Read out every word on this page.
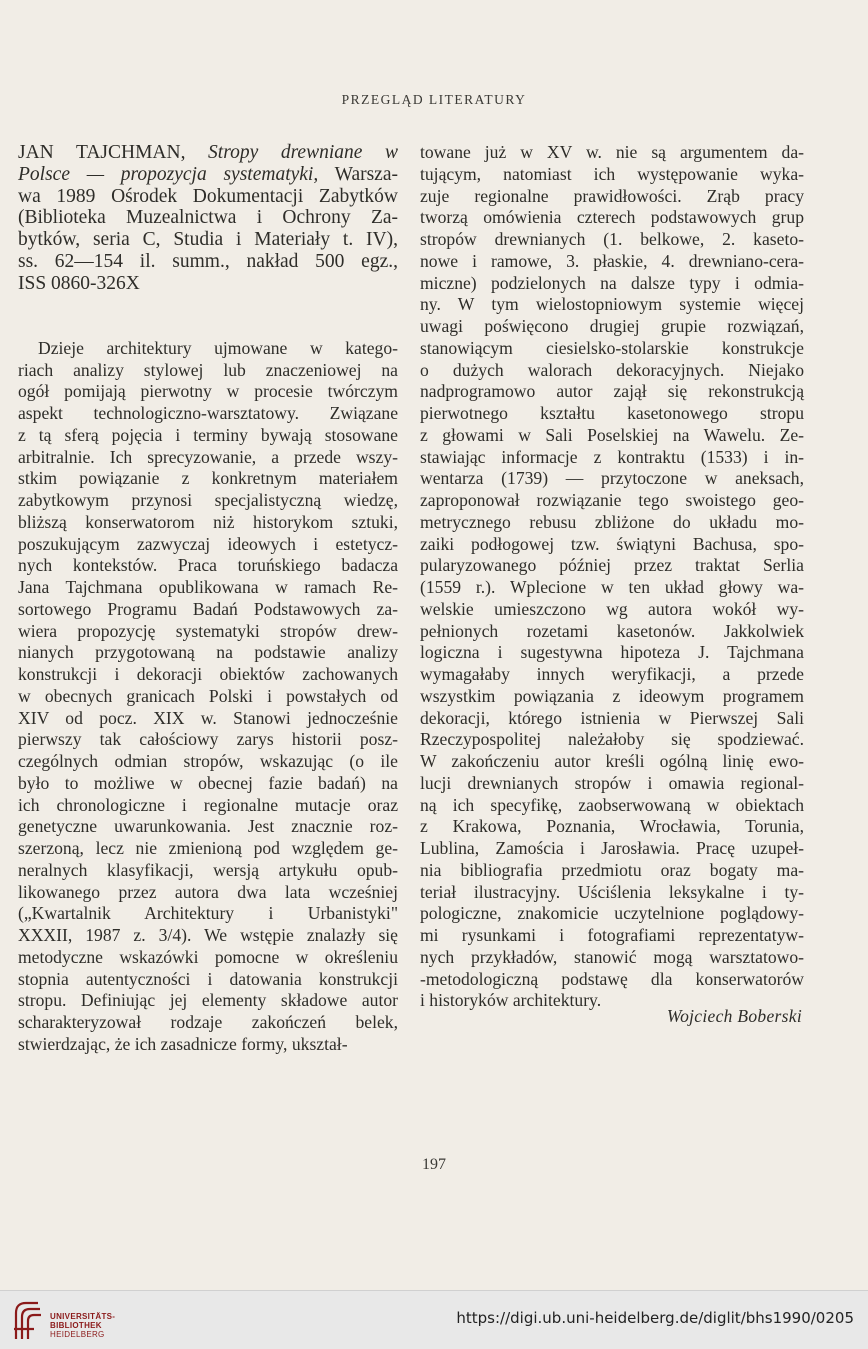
PRZEGLĄD LITERATURY
JAN TAJCHMAN, Stropy drewniane w
Polsce — propozycja systematyki, Warsza-
wa 1989 Ośrodek Dokumentacji Zabytków
(Biblioteka Muzealnictwa i Ochrony Za-
bytków, seria C, Studia i Materiały t. IV),
ss. 62—154 il. summ., nakład 500 egz.,
ISS 0860-326X
Dzieje architektury ujmowane w katego-
riach analizy stylowej lub znaczeniowej na
ogół pomijają pierwotny w procesie twórczym
aspekt technologiczno-warsztatowy. Związane
z tą sferą pojęcia i terminy bywają stosowane
arbitralnie. Ich sprecyzowanie, a przede wszy-
stkim powiązanie z konkretnym materiałem
zabytkowym przynosi specjalistyczną wiedzę,
bliższą konserwatorom niż historykom sztuki,
poszukującym zazwyczaj ideowych i estetycz-
nych kontekstów. Praca toruńskiego badacza
Jana Tajchmana opublikowana w ramach Re-
sortowego Programu Badań Podstawowych za-
wiera propozycję systematyki stropów drew-
nianych przygotowaną na podstawie analizy
konstrukcji i dekoracji obiektów zachowanych
w obecnych granicach Polski i powstałych od
XIV od pocz. XIX w. Stanowi jednocześnie
pierwszy tak całościowy zarys historii posz-
czególnych odmian stropów, wskazując (o ile
było to możliwe w obecnej fazie badań) na
ich chronologiczne i regionalne mutacje oraz
genetyczne uwarunkowania. Jest znacznie roz-
szerzoną, lecz nie zmienioną pod względem ge-
neralnych klasyfikacji, wersją artykułu opub-
likowanego przez autora dwa lata wcześniej
(„Kwartalnik Architektury i Urbanistyki"
XXXII, 1987 z. 3/4). We wstępie znalazły się
metodyczne wskazówki pomocne w określeniu
stopnia autentyczności i datowania konstrukcji
stropu. Definiując jej elementy składowe autor
scharakteryzował rodzaje zakończeń belek,
stwierdzając, że ich zasadnicze formy, ukształ-
towane już w XV w. nie są argumentem da-
tującym, natomiast ich występowanie wyka-
zuje regionalne prawidłowości. Zrąb pracy
tworzą omówienia czterech podstawowych grup
stropów drewnianych (1. belkowe, 2. kaseto-
nowe i ramowe, 3. płaskie, 4. drewniano-cera-
miczne) podzielonych na dalsze typy i odmia-
ny. W tym wielostopniowym systemie więcej
uwagi poświęcono drugiej grupie rozwiązań,
stanowiącym ciesielsko-stolarskie konstrukcje
o dużych walorach dekoracyjnych. Niejako
nadprogramowo autor zajął się rekonstrukcją
pierwotnego kształtu kasetonowego stropu
z głowami w Sali Poselskiej na Wawelu. Ze-
stawiając informacje z kontraktu (1533) i in-
wentarza (1739) — przytoczone w aneksach,
zaproponował rozwiązanie tego swoistego geo-
metrycznego rebusu zbliżone do układu mo-
zaiki podłogowej tzw. świątyni Bachusa, spo-
pularyzowanego później przez traktat Serlia
(1559 r.). Wplecione w ten układ głowy wa-
welskie umieszczono wg autora wokół wy-
pełnionych rozetami kasetonów. Jakkolwiek
logiczna i sugestywna hipoteza J. Tajchmana
wymagałaby innych weryfikacji, a przede
wszystkim powiązania z ideowym programem
dekoracji, którego istnienia w Pierwszej Sali
Rzeczypospolitej należałoby się spodziewać.
W zakończeniu autor kreśli ogólną linię ewo-
lucji drewnianych stropów i omawia regional-
ną ich specyfikę, zaobserwowaną w obiektach
z Krakowa, Poznania, Wrocławia, Torunia,
Lublina, Zamościa i Jarosławia. Pracę uzupeł-
nia bibliografia przedmiotu oraz bogaty ma-
teriał ilustracyjny. Uściślenia leksykalne i ty-
pologiczne, znakomicie uczytelnione poglądowy-
mi rysunkami i fotografiami reprezentatyw-
nych przykładów, stanowić mogą warsztatowo-
-metodologiczną podstawę dla konserwatorów
i historyków architektury.
Wojciech Boberski
197
UNIVERSITÄTS-
BIBLIOTHEK
HEIDELBERG
https://digi.ub.uni-heidelberg.de/diglit/bhs1990/0205
